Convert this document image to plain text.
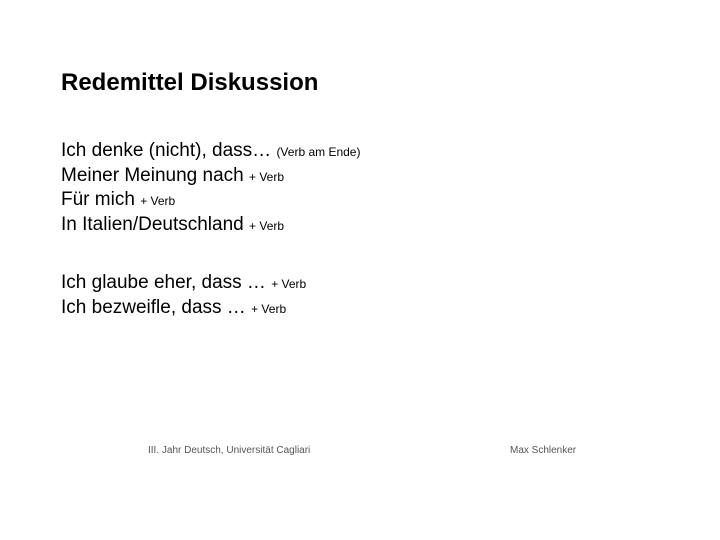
Redemittel Diskussion
Ich denke (nicht), dass… (Verb am Ende)
Meiner Meinung nach + Verb
Für mich + Verb
In Italien/Deutschland + Verb
Ich glaube eher, dass … + Verb
Ich bezweifle, dass … + Verb
III. Jahr Deutsch, Universität Cagliari	Max Schlenker
